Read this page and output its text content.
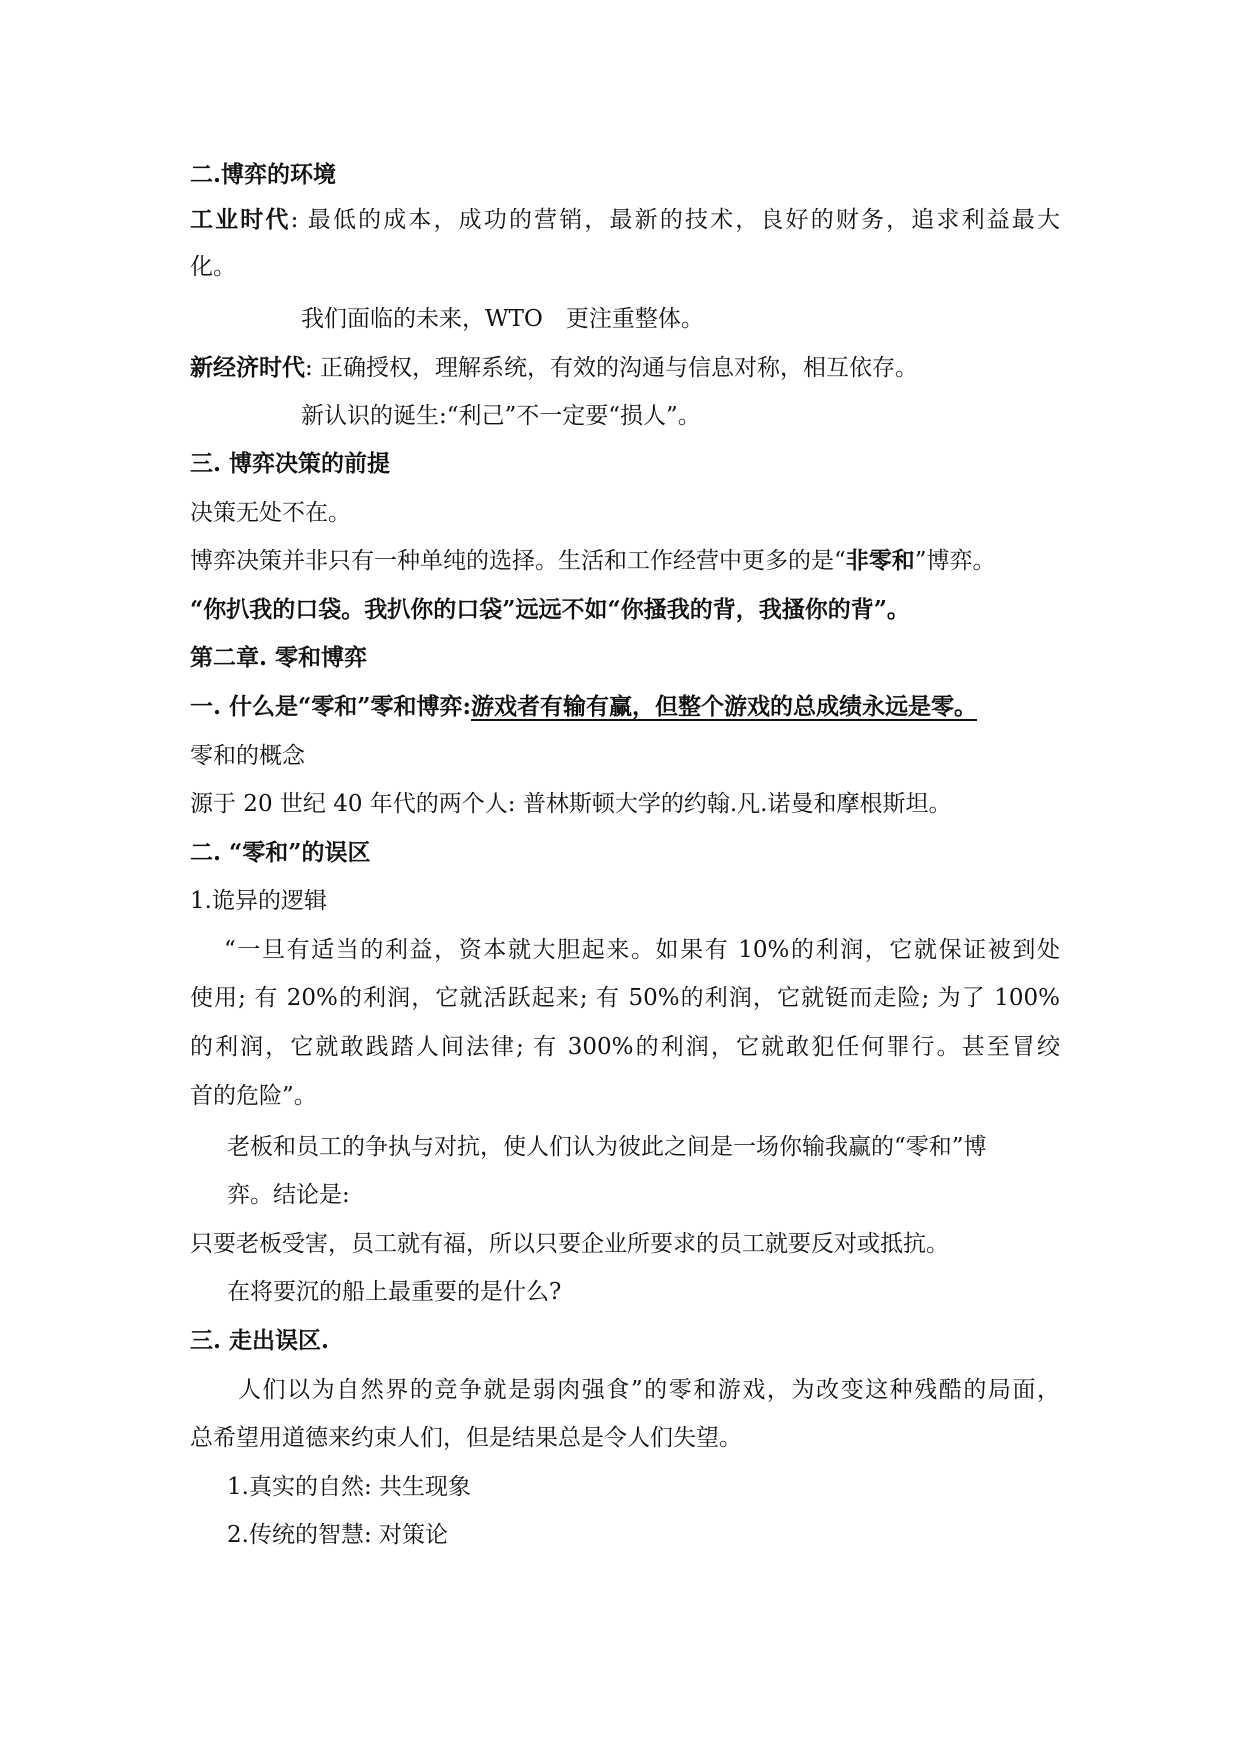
二.博弈的环境
工业时代: 最低的成本，成功的营销，最新的技术，良好的财务，追求利益最大
化。
我们面临的未来，WTO　更注重整体。
新经济时代: 正确授权，理解系统，有效的沟通与信息对称，相互依存。
新认识的诞生:“利己”不一定要“损人”。
三. 博弈决策的前提
决策无处不在。
博弈决策并非只有一种单纯的选择。生活和工作经营中更多的是“非零和”博弈。
“你扒我的口袋。我扒你的口袋”远远不如“你搔我的背，我搔你的背”。
第二章. 零和博弈
一. 什么是“零和”零和博弈:游戏者有输有赢，但整个游戏的总成绩永远是零。
零和的概念
源于 20 世纪 40 年代的两个人: 普林斯顿大学的约翰.凡.诺曼和摩根斯坦。
二. “零和”的误区
1.诡异的逻辑
“一旦有适当的利益，资本就大胆起来。如果有 10%的利润，它就保证被到处
使用; 有 20%的利润，它就活跃起来; 有 50%的利润，它就铤而走险; 为了 100%
的利润，它就敢践踏人间法律; 有 300%的利润，它就敢犯任何罪行。甚至冒绞
首的危险”。
老板和员工的争执与对抗，使人们认为彼此之间是一场你输我赢的“零和”博
弈。结论是:
只要老板受害，员工就有福，所以只要企业所要求的员工就要反对或抵抗。
在将要沉的船上最重要的是什么?
三. 走出误区.
人们以为自然界的竞争就是弱肉强食”的零和游戏，为改变这种残酷的局面，
总希望用道德来约束人们，但是结果总是令人们失望。
1.真实的自然: 共生现象
2.传统的智慧: 对策论
